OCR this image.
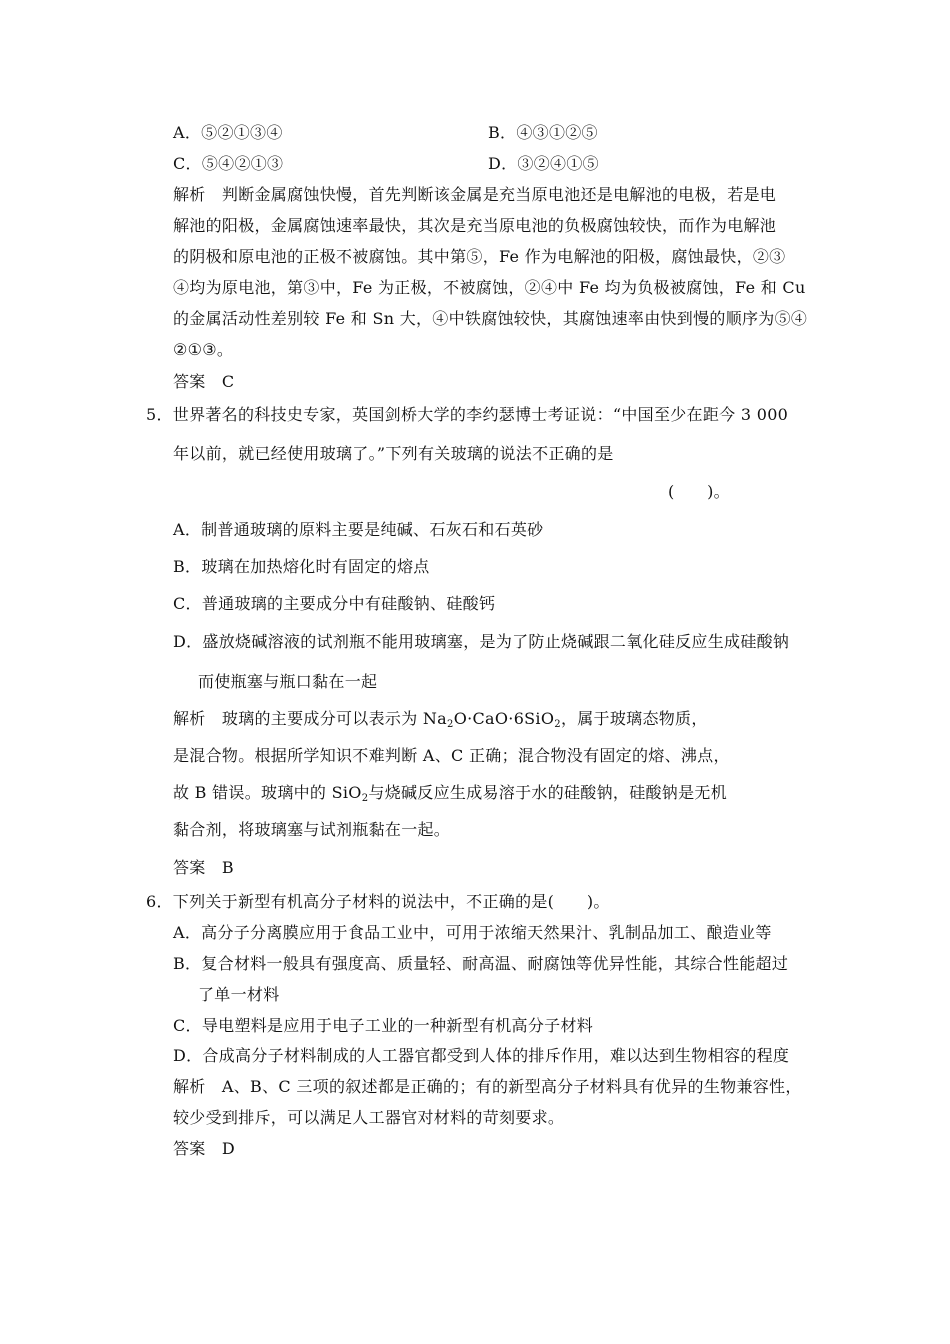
A．⑤②①③④	B．④③①②⑤
C．⑤④②①③	D．③②④①⑤
解析　判断金属腐蚀快慢，首先判断该金属是充当原电池还是电解池的电极，若是电
解池的阳极，金属腐蚀速率最快，其次是充当原电池的负极腐蚀较快，而作为电解池
的阴极和原电池的正极不被腐蚀。其中第⑤，Fe 作为电解池的阳极，腐蚀最快，②③
④均为原电池，第③中，Fe 为正极，不被腐蚀，②④中 Fe 均为负极被腐蚀，Fe 和 Cu
的金属活动性差别较 Fe 和 Sn 大，④中铁腐蚀较快，其腐蚀速率由快到慢的顺序为⑤④
②①③。
答案　C
5．世界著名的科技史专家，英国剑桥大学的李约瑟博士考证说：“中国至少在距今 3 000
年以前，就已经使用玻璃了。”下列有关玻璃的说法不正确的是
(　　)。
A．制普通玻璃的原料主要是纯碱、石灰石和石英砂
B．玻璃在加热熔化时有固定的熔点
C．普通玻璃的主要成分中有硅酸钠、硅酸钙
D．盛放烧碱溶液的试剂瓶不能用玻璃塞，是为了防止烧碱跟二氧化硅反应生成硅酸钠
而使瓶塞与瓶口黏在一起
解析　玻璃的主要成分可以表示为 $Na_2O\cdot CaO\cdot 6SiO_2$，属于玻璃态物质，
是混合物。根据所学知识不难判断 A、C 正确；混合物没有固定的熔、沸点，
故 B 错误。玻璃中的 SiO$_2$与烧碱反应生成易溶于水的硅酸钠，硅酸钠是无机
黏合剂，将玻璃塞与试剂瓶黏在一起。
答案　B
6．下列关于新型有机高分子材料的说法中，不正确的是(　　)。
A．高分子分离膜应用于食品工业中，可用于浓缩天然果汁、乳制品加工、酿造业等
B．复合材料一般具有强度高、质量轻、耐高温、耐腐蚀等优异性能，其综合性能超过
了单一材料
C．导电塑料是应用于电子工业的一种新型有机高分子材料
D．合成高分子材料制成的人工器官都受到人体的排斥作用，难以达到生物相容的程度
解析　A、B、C 三项的叙述都是正确的；有的新型高分子材料具有优异的生物兼容性，
较少受到排斥，可以满足人工器官对材料的苛刻要求。
答案　D
